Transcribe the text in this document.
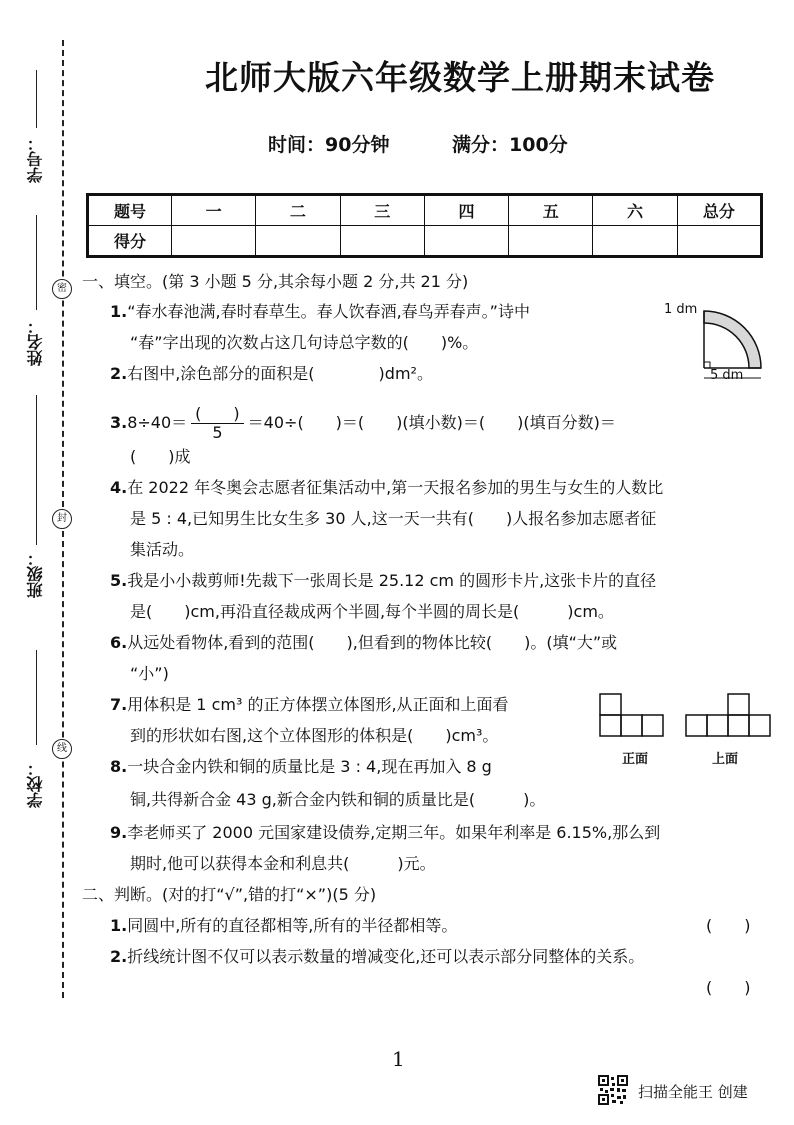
学号：
姓名：
班级：
学校：
密
封
线
北师大版六年级数学上册期末试卷
时间：90分钟	满分：100分
题号	一	二	三	四	五	六	总分
得分							
一、填空。(第 3 小题 5 分,其余每小题 2 分,共 21 分)
1.“春水春池满,春时春草生。春人饮春酒,春鸟弄春声。”诗中
“春”字出现的次数占这几句诗总字数的(　　)%。
1 dm
5 dm
2.右图中,涂色部分的面积是(　　　　)dm²。
$3.8\div 40= \frac{( )}{5} =40\div$(　　)＝(　　)(填小数)＝(　　)(填百分数)＝
(　　)成
4.在 2022 年冬奥会志愿者征集活动中,第一天报名参加的男生与女生的人数比
是 5 : 4,已知男生比女生多 30 人,这一天一共有(　　)人报名参加志愿者征
集活动。
5.我是小小裁剪师!先裁下一张周长是 25.12 cm 的圆形卡片,这张卡片的直径
是(　　)cm,再沿直径裁成两个半圆,每个半圆的周长是(　　　)cm。
6.从远处看物体,看到的范围(　　),但看到的物体比较(　　)。(填“大”或
“小”)
7.用体积是 1 cm³ 的正方体摆立体图形,从正面和上面看
到的形状如右图,这个立体图形的体积是(　　)cm³。
正面	上面
8.一块合金内铁和铜的质量比是 3 : 4,现在再加入 8 g
铜,共得新合金 43 g,新合金内铁和铜的质量比是(　　　)。
9.李老师买了 2000 元国家建设债券,定期三年。如果年利率是 6.15%,那么到
期时,他可以获得本金和利息共(　　　)元。
二、判断。(对的打“√”,错的打“×”)(5 分)
1.同圆中,所有的直径都相等,所有的半径都相等。	(　　)
2.折线统计图不仅可以表示数量的增减变化,还可以表示部分同整体的关系。
(　　)
1
扫描全能王 创建
